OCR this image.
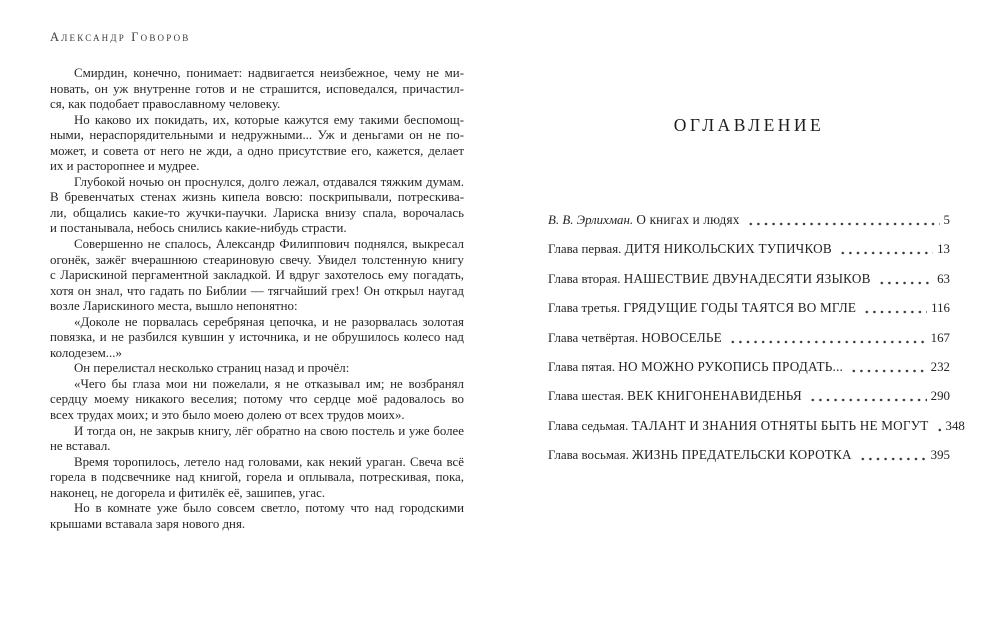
Александр Говоров
Смирдин, конечно, понимает: надвигается неизбежное, чему не ми-
новать, он уж внутренне готов и не страшится, исповедался, причастил-
ся, как подобает православному человеку.
Но каково их покидать, их, которые кажутся ему такими беспомощ-
ными, нераспорядительными и недружными... Уж и деньгами он не по-
может, и совета от него не жди, а одно присутствие его, кажется, делает
их и расторопнее и мудрее.
Глубокой ночью он проснулся, долго лежал, отдавался тяжким думам.
В бревенчатых стенах жизнь кипела вовсю: поскрипывали, потрескива-
ли, общались какие-то жучки-паучки. Лариска внизу спала, ворочалась
и постанывала, небось снились какие-нибудь страсти.
Совершенно не спалось, Александр Филиппович поднялся, выкресал
огонёк, зажёг вчерашнюю стеариновую свечу. Увидел толстенную книгу
с Ларискиной пергаментной закладкой. И вдруг захотелось ему погадать,
хотя он знал, что гадать по Библии — тягчайший грех! Он открыл наугад
возле Ларискиного места, вышло непонятно:
«Доколе не порвалась серебряная цепочка, и не разорвалась золотая
повязка, и не разбился кувшин у источника, и не обрушилось колесо над
колодезем...»
Он перелистал несколько страниц назад и прочёл:
«Чего бы глаза мои ни пожелали, я не отказывал им; не возбранял
сердцу моему никакого веселия; потому что сердце моё радовалось во
всех трудах моих; и это было моею долею от всех трудов моих».
И тогда он, не закрыв книгу, лёг обратно на свою постель и уже более
не вставал.
Время торопилось, летело над головами, как некий ураган. Свеча всё
горела в подсвечнике над книгой, горела и оплывала, потрескивая, пока,
наконец, не догорела и фитилёк её, зашипев, угас.
Но в комнате уже было совсем светло, потому что над городскими
крышами вставала заря нового дня.
ОГЛАВЛЕНИЕ
В. В. Эрлихман. О книгах и людях	5
Глава первая. ДИТЯ НИКОЛЬСКИХ ТУПИЧКОВ	13
Глава вторая. НАШЕСТВИЕ ДВУНАДЕСЯТИ ЯЗЫКОВ	63
Глава третья. ГРЯДУЩИЕ ГОДЫ ТАЯТСЯ ВО МГЛЕ	116
Глава четвёртая. НОВОСЕЛЬЕ	167
Глава пятая. НО МОЖНО РУКОПИСЬ ПРОДАТЬ...	232
Глава шестая. ВЕК КНИГОНЕНАВИДЕНЬЯ	290
Глава седьмая. ТАЛАНТ И ЗНАНИЯ ОТНЯТЫ БЫТЬ НЕ МОГУТ 348
Глава восьмая. ЖИЗНЬ ПРЕДАТЕЛЬСКИ КОРОТКА	395
